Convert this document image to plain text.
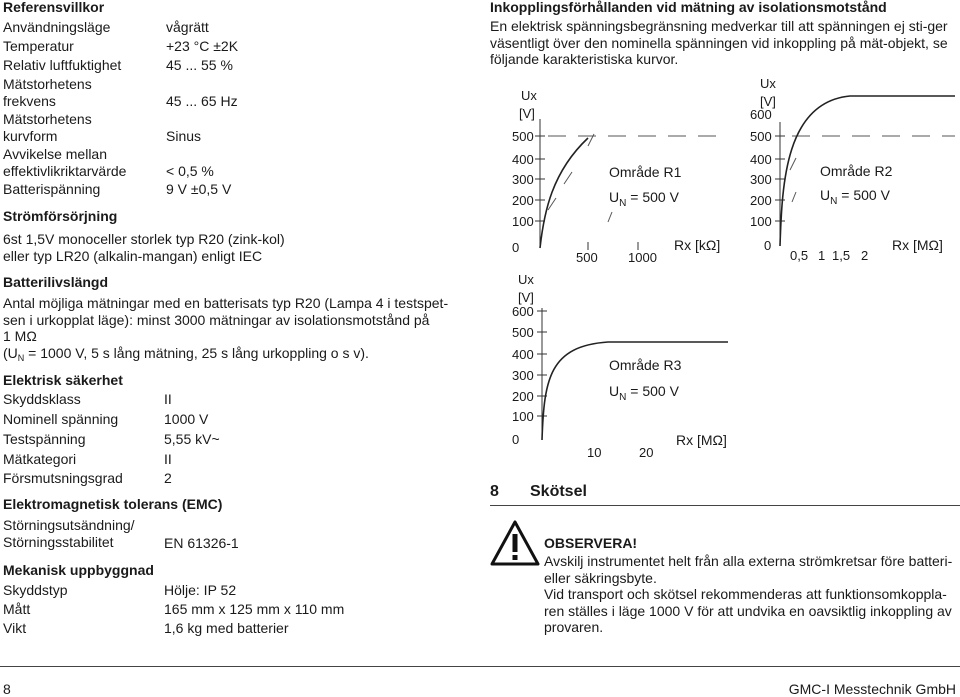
Referensvillkor
Användningsläge	vågrätt
Temperatur	+23 °C ±2K
Relativ luftfuktighet	45 ... 55 %
Mätstorhetens
frekvens	45 ... 65 Hz
Mätstorhetens
kurvform	Sinus
Avvikelse mellan
effektivlikriktarvärde	< 0,5 %
Batterispänning	9 V ±0,5 V
Strömförsörjning
6st 1,5V monoceller storlek typ R20 (zink-kol)
eller typ LR20 (alkalin-mangan) enligt IEC
Batterilivslängd
Antal möjliga mätningar med en batterisats typ R20 (Lampa 4 i testspet-
sen i urkopplat läge): minst 3000 mätningar av isolationsmotstånd på
1 MΩ
($U_N = 1000$ V, 5 s lång mätning, 25 s lång urkoppling o s v).
Elektrisk säkerhet
Skyddsklass	II
Nominell spänning	1000 V
Testspänning	5,55 kV~
Mätkategori	II
Försmutsningsgrad	2
Elektromagnetisk tolerans (EMC)
Störningsutsändning/
Störningsstabilitet	EN 61326-1
Mekanisk uppbyggnad
Skyddstyp	Hölje: IP 52
Mått	165 mm x 125 mm x 110 mm
Vikt	1,6 kg med batterier
Inkopplingsförhållanden vid mätning av isolationsmotstånd
En elektrisk spänningsbegränsning medverkar till att spänningen ej sti-ger
väsentligt över den nominella spänningen vid inkoppling på mät-objekt, se
följande karakteristiska kurvor.
Ux
[V]
500
400
300
200
100
0
500 1000
Rx [kΩ]
Område R1
$U_N = 500$ V
Ux
[V]
600
500
400
300
200
100
0
0,5 1 1,5 2
Rx [MΩ]
Område R2
$U_N = 500$ V
Ux
[V]
600
500
400
300
200
100
0
10	20
Rx [MΩ]
Område R3
$U_N = 500$ V
8 Skötsel
OBSERVERA!
Avskilj instrumentet helt från alla externa strömkretsar före batteri-
eller säkringsbyte.
Vid transport och skötsel rekommenderas att funktionsomkoppla-
ren ställes i läge 1000 V för att undvika en oavsiktlig inkoppling av
provaren.
8	GMC-I Messtechnik GmbH
